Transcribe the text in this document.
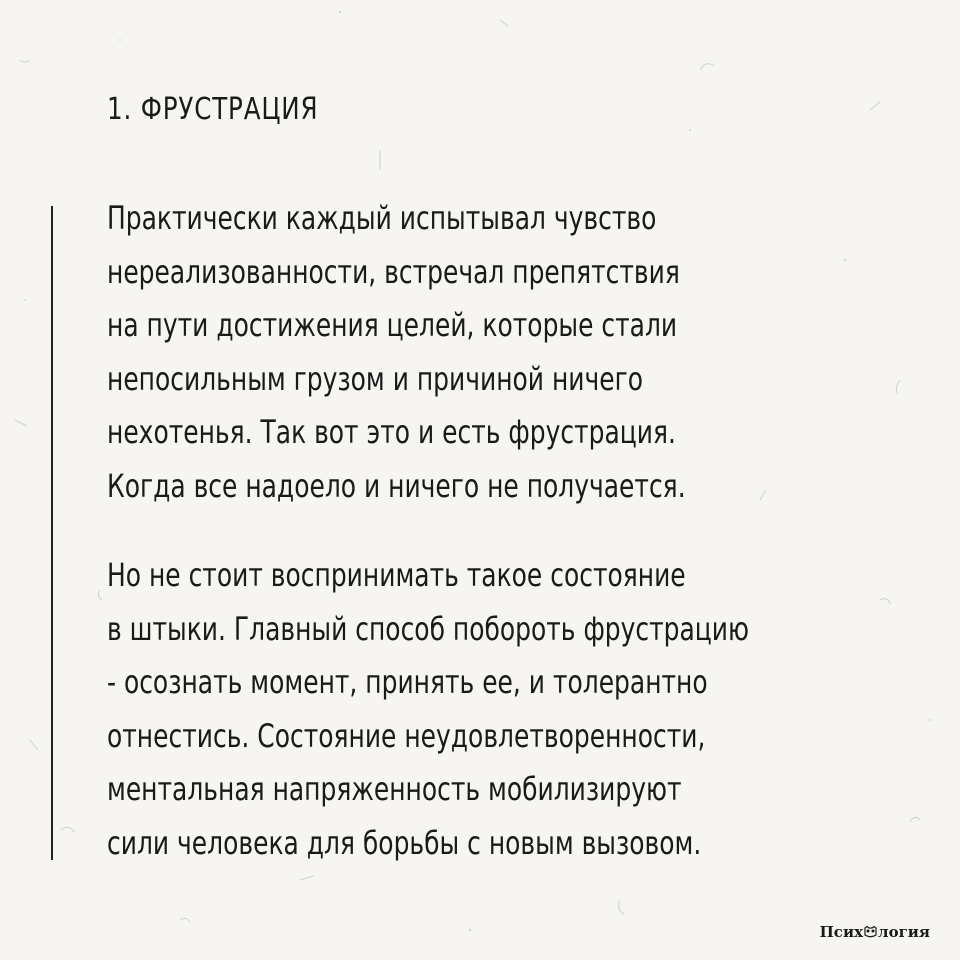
1. ФРУСТРАЦИЯ
Практически каждый испытывал чувство
нереализованности, встречал препятствия
на пути достижения целей, которые стали
непосильным грузом и причиной ничего
нехотенья. Так вот это и есть фрустрация.
Когда все надоело и ничего не получается.
Но не стоит воспринимать такое состояние
в штыки. Главный способ побороть фрустрацию
- осознать момент, принять ее, и толерантно
отнестись. Состояние неудовлетворенности,
ментальная напряженность мобилизируют
сили человека для борьбы с новым вызовом.
Псих логия
